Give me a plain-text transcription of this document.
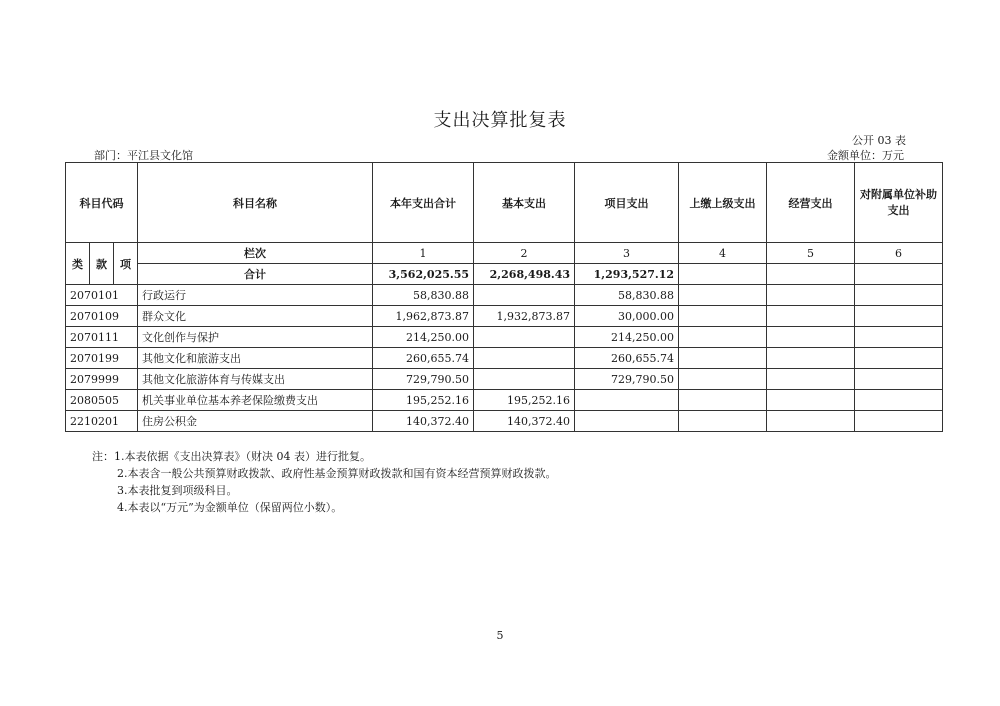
支出决算批复表
公开 03 表
部门：平江县文化馆	金额单位：万元
科目代码			科目名称	本年支出合计	基本支出	项目支出	上缴上级支出	经营支出	对附属单位补助支出
类	款	项	栏次	1	2	3	4	5	6
			合计	3,562,025.55	2,268,498.43	1,293,527.12			
2070101			行政运行	58,830.88		58,830.88			
2070109			群众文化	1,962,873.87	1,932,873.87	30,000.00			
2070111			文化创作与保护	214,250.00		214,250.00			
2070199			其他文化和旅游支出	260,655.74		260,655.74			
2079999			其他文化旅游体育与传媒支出	729,790.50		729,790.50			
2080505			机关事业单位基本养老保险缴费支出	195,252.16	195,252.16				
2210201			住房公积金	140,372.40	140,372.40				
注：1.本表依据《支出决算表》（财决 04 表）进行批复。
2.本表含一般公共预算财政拨款、政府性基金预算财政拨款和国有资本经营预算财政拨款。
3.本表批复到项级科目。
4.本表以“万元”为金额单位（保留两位小数）。
5
